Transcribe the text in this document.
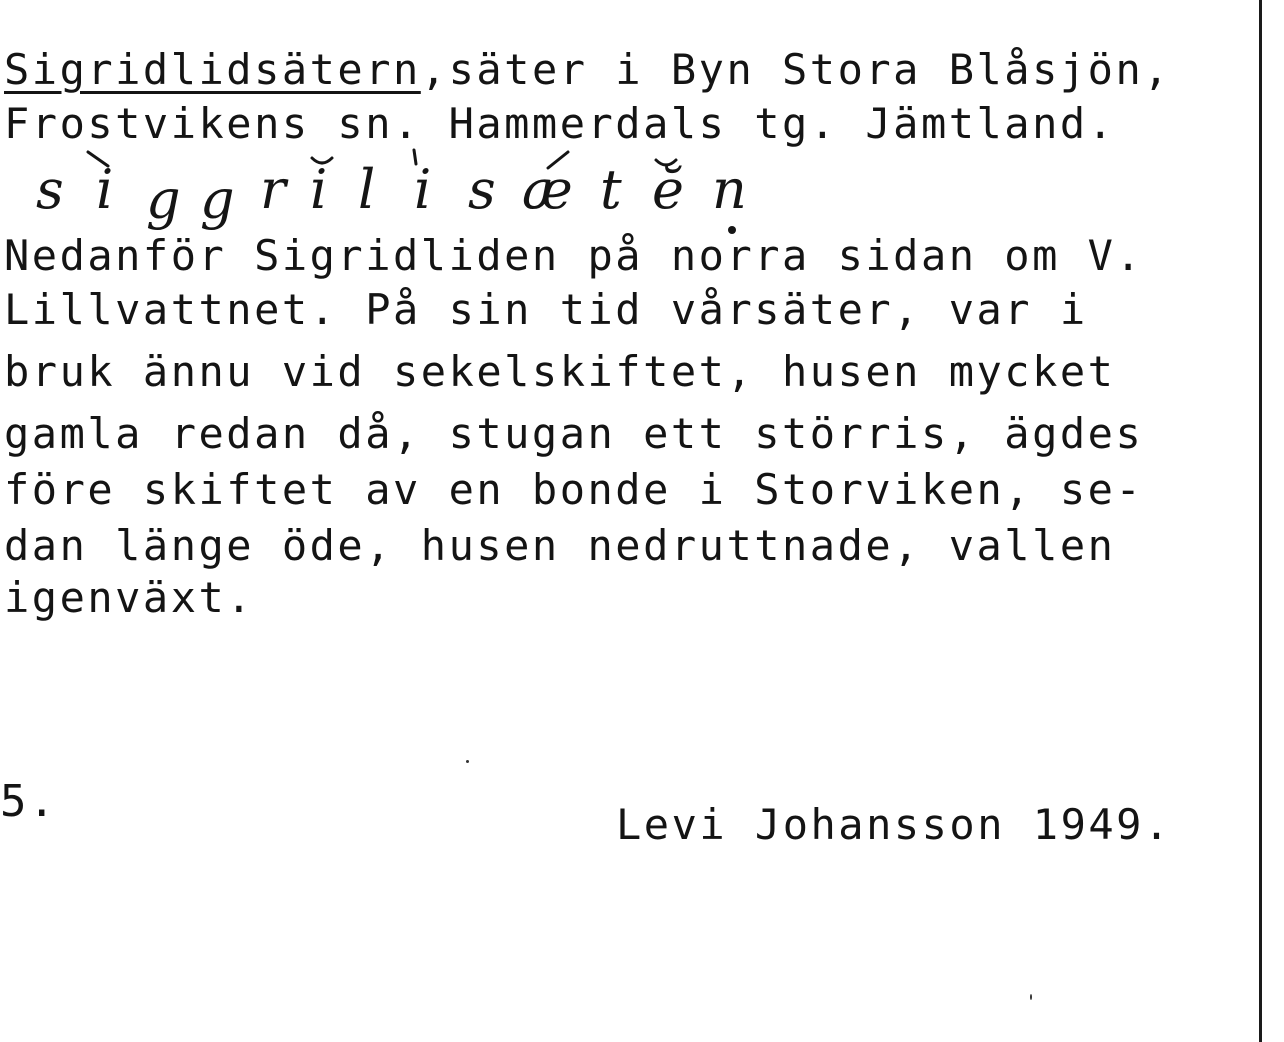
Sigridlidsätern,säter i Byn Stora Blåsjön,
Frostvikens sn. Hammerdals tg. Jämtland.
s i g g r i l i s æ t ĕ n
Nedanför Sigridliden på norra sidan om V.
Lillvattnet. På sin tid vårsäter, var i
bruk ännu vid sekelskiftet, husen mycket
gamla redan då, stugan ett störris, ägdes
före skiftet av en bonde i Storviken, se-
dan länge öde, husen nedruttnade, vallen
igenväxt.
5.	Levi Johansson 1949.
